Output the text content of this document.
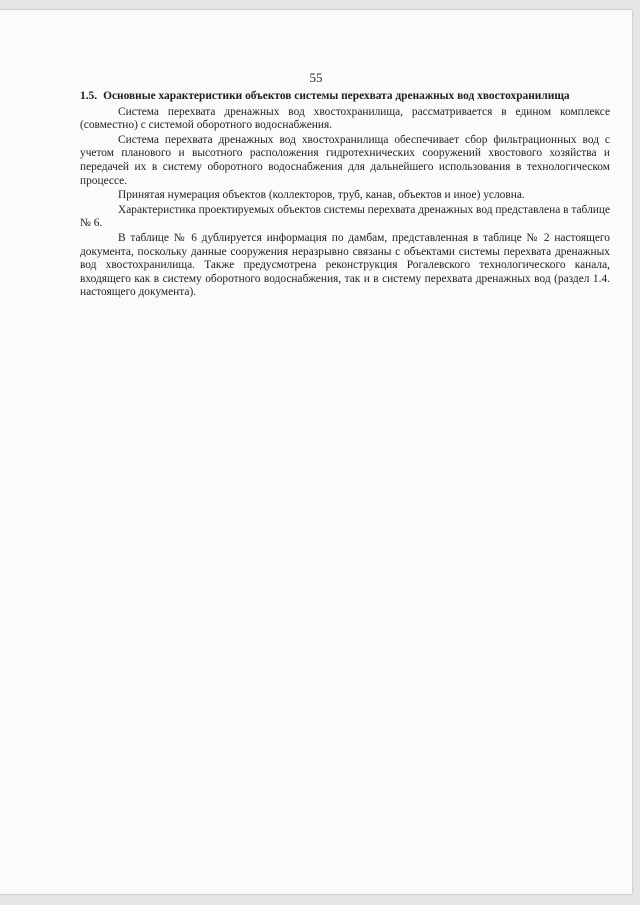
55
1.5. Основные характеристики объектов системы перехвата дренажных вод хвостохранилища

Система перехвата дренажных вод хвостохранилища, рассматривается в едином комплексе (совместно) с системой оборотного водоснабжения.

Система перехвата дренажных вод хвостохранилища обеспечивает сбор фильтрационных вод с учетом планового и высотного расположения гидротехнических сооружений хвостового хозяйства и передачей их в систему оборотного водоснабжения для дальнейшего использования в технологическом процессе.

Принятая нумерация объектов (коллекторов, труб, канав, объектов и иное) условна.

Характеристика проектируемых объектов системы перехвата дренажных вод представлена в таблице № 6.

В таблице № 6 дублируется информация по дамбам, представленная в таблице № 2 настоящего документа, поскольку данные сооружения неразрывно связаны с объектами системы перехвата дренажных вод хвостохранилища. Также предусмотрена реконструкция Рогалевского технологического канала, входящего как в систему оборотного водоснабжения, так и в систему перехвата дренажных вод (раздел 1.4. настоящего документа).
